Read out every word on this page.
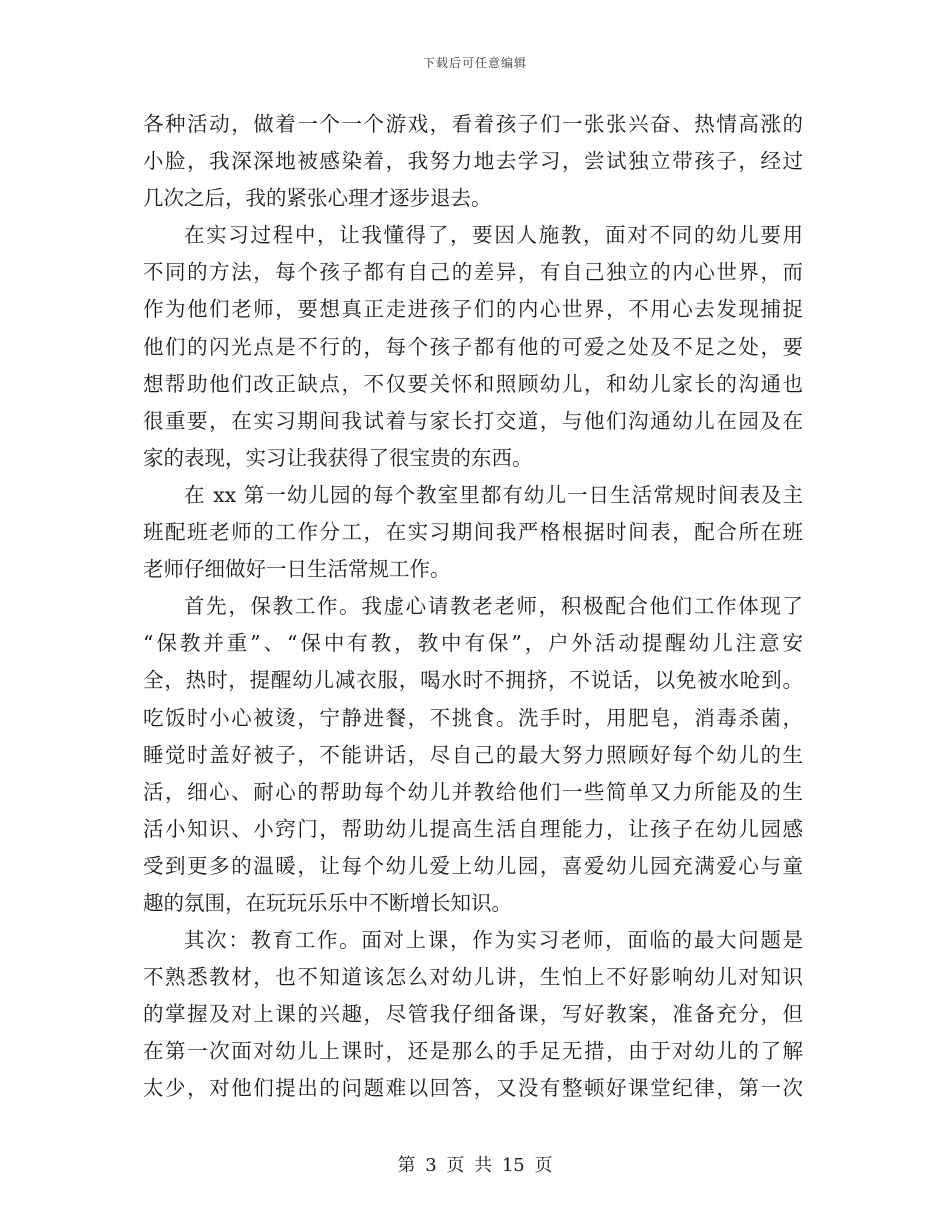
下载后可任意编辑
各种活动，做着一个一个游戏，看着孩子们一张张兴奋、热情高涨的
小脸，我深深地被感染着，我努力地去学习，尝试独立带孩子，经过
几次之后，我的紧张心理才逐步退去。
在实习过程中，让我懂得了，要因人施教，面对不同的幼儿要用
不同的方法，每个孩子都有自己的差异，有自己独立的内心世界，而
作为他们老师，要想真正走进孩子们的内心世界，不用心去发现捕捉
他们的闪光点是不行的，每个孩子都有他的可爱之处及不足之处，要
想帮助他们改正缺点，不仅要关怀和照顾幼儿，和幼儿家长的沟通也
很重要，在实习期间我试着与家长打交道，与他们沟通幼儿在园及在
家的表现，实习让我获得了很宝贵的东西。
在 xx 第一幼儿园的每个教室里都有幼儿一日生活常规时间表及主
班配班老师的工作分工，在实习期间我严格根据时间表，配合所在班
老师仔细做好一日生活常规工作。
首先，保教工作。我虚心请教老老师，积极配合他们工作体现了
“保教并重”、“保中有教，教中有保”，户外活动提醒幼儿注意安
全，热时，提醒幼儿减衣服，喝水时不拥挤，不说话，以免被水呛到。
吃饭时小心被烫，宁静进餐，不挑食。洗手时，用肥皂，消毒杀菌，
睡觉时盖好被子，不能讲话，尽自己的最大努力照顾好每个幼儿的生
活，细心、耐心的帮助每个幼儿并教给他们一些简单又力所能及的生
活小知识、小窍门，帮助幼儿提高生活自理能力，让孩子在幼儿园感
受到更多的温暖，让每个幼儿爱上幼儿园，喜爱幼儿园充满爱心与童
趣的氛围，在玩玩乐乐中不断增长知识。
其次：教育工作。面对上课，作为实习老师，面临的最大问题是
不熟悉教材，也不知道该怎么对幼儿讲，生怕上不好影响幼儿对知识
的掌握及对上课的兴趣，尽管我仔细备课，写好教案，准备充分，但
在第一次面对幼儿上课时，还是那么的手足无措，由于对幼儿的了解
太少，对他们提出的问题难以回答，又没有整顿好课堂纪律，第一次
第 3 页 共 15 页
